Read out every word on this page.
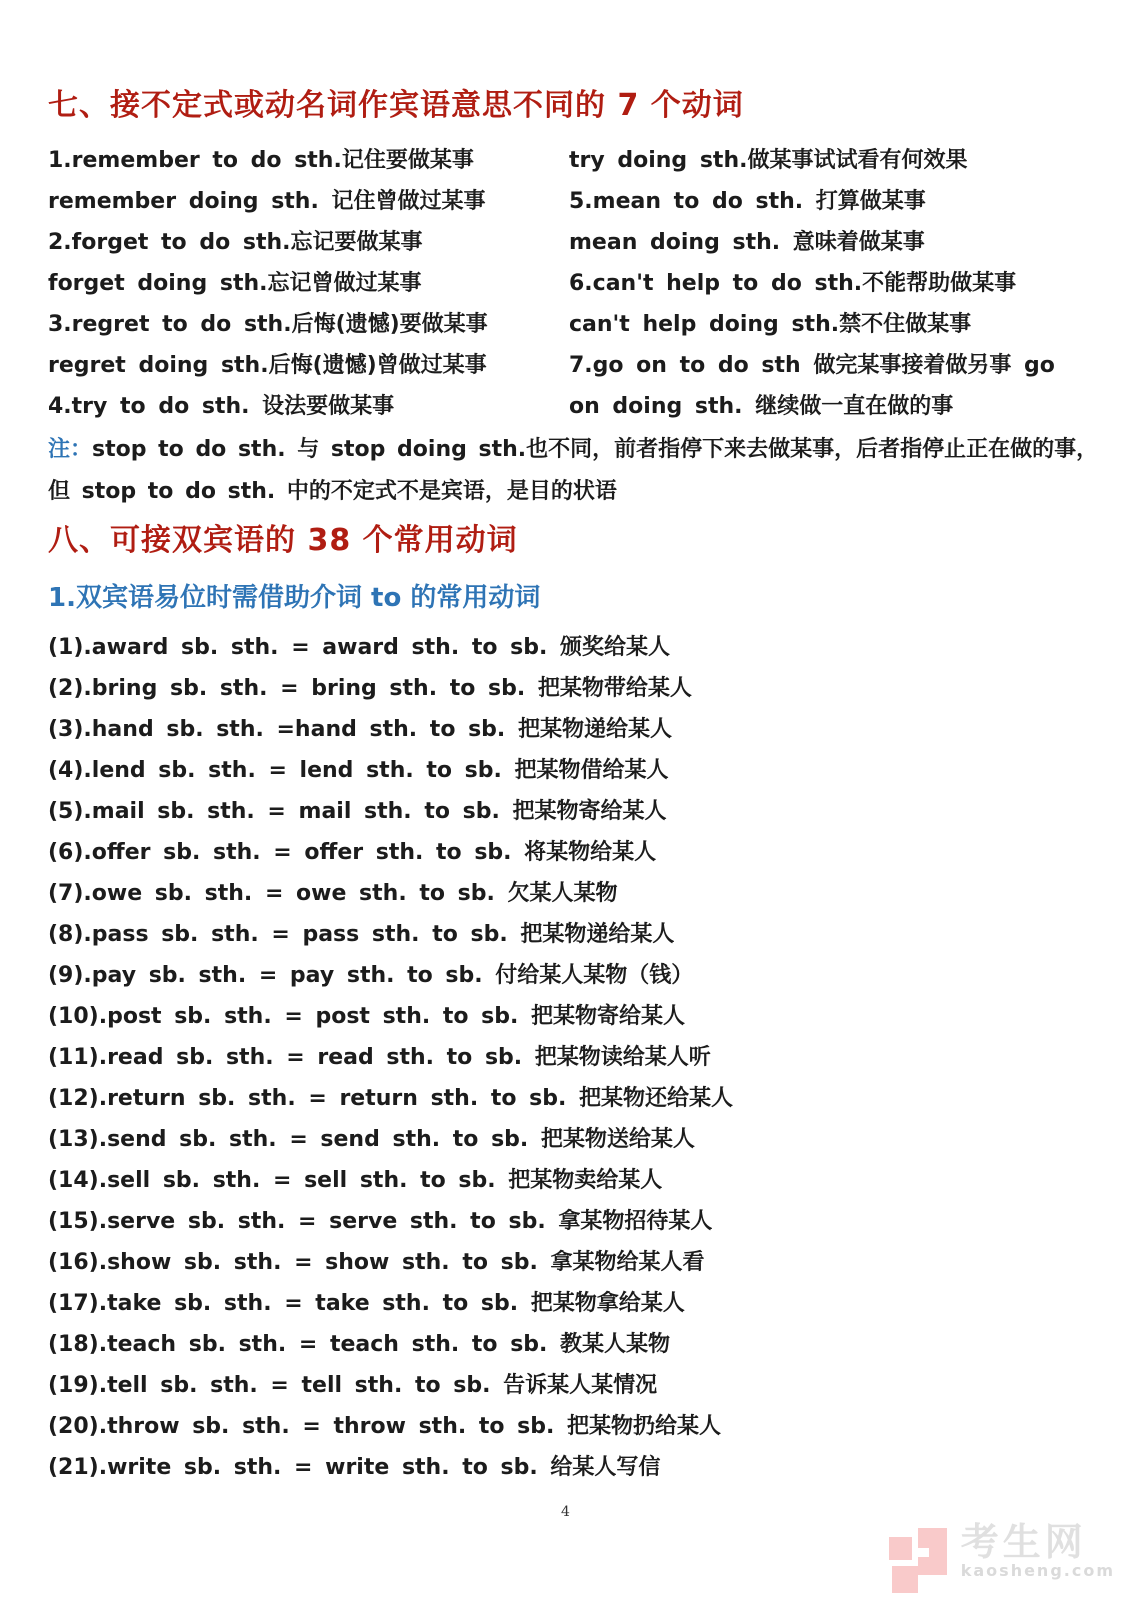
七、接不定式或动名词作宾语意思不同的 7 个动词
1.remember to do sth.记住要做某事
remember doing sth. 记住曾做过某事
2.forget to do sth.忘记要做某事
forget doing sth.忘记曾做过某事
3.regret to do sth.后悔(遗憾)要做某事
regret doing sth.后悔(遗憾)曾做过某事
4.try to do sth. 设法要做某事
try doing sth.做某事试试看有何效果
5.mean to do sth. 打算做某事
mean doing sth. 意味着做某事
6.can't help to do sth.不能帮助做某事
can't help doing sth.禁不住做某事
7.go on to do sth 做完某事接着做另事 go
on doing sth. 继续做一直在做的事
注：stop to do sth. 与 stop doing sth.也不同，前者指停下来去做某事，后者指停止正在做的事，但 stop to do sth. 中的不定式不是宾语，是目的状语
八、可接双宾语的 38 个常用动词
1.双宾语易位时需借助介词 to 的常用动词
(1).award sb. sth. = award sth. to sb. 颁奖给某人
(2).bring sb. sth. = bring sth. to sb. 把某物带给某人
(3).hand sb. sth. =hand sth. to sb. 把某物递给某人
(4).lend sb. sth. = lend sth. to sb. 把某物借给某人
(5).mail sb. sth. = mail sth. to sb. 把某物寄给某人
(6).offer sb. sth. = offer sth. to sb. 将某物给某人
(7).owe sb. sth. = owe sth. to sb. 欠某人某物
(8).pass sb. sth. = pass sth. to sb. 把某物递给某人
(9).pay sb. sth. = pay sth. to sb. 付给某人某物（钱）
(10).post sb. sth. = post sth. to sb. 把某物寄给某人
(11).read sb. sth. = read sth. to sb. 把某物读给某人听
(12).return sb. sth. = return sth. to sb. 把某物还给某人
(13).send sb. sth. = send sth. to sb. 把某物送给某人
(14).sell sb. sth. = sell sth. to sb. 把某物卖给某人
(15).serve sb. sth. = serve sth. to sb. 拿某物招待某人
(16).show sb. sth. = show sth. to sb. 拿某物给某人看
(17).take sb. sth. = take sth. to sb. 把某物拿给某人
(18).teach sb. sth. = teach sth. to sb. 教某人某物
(19).tell sb. sth. = tell sth. to sb. 告诉某人某情况
(20).throw sb. sth. = throw sth. to sb. 把某物扔给某人
(21).write sb. sth. = write sth. to sb. 给某人写信
4
考生网
kaosheng.com
